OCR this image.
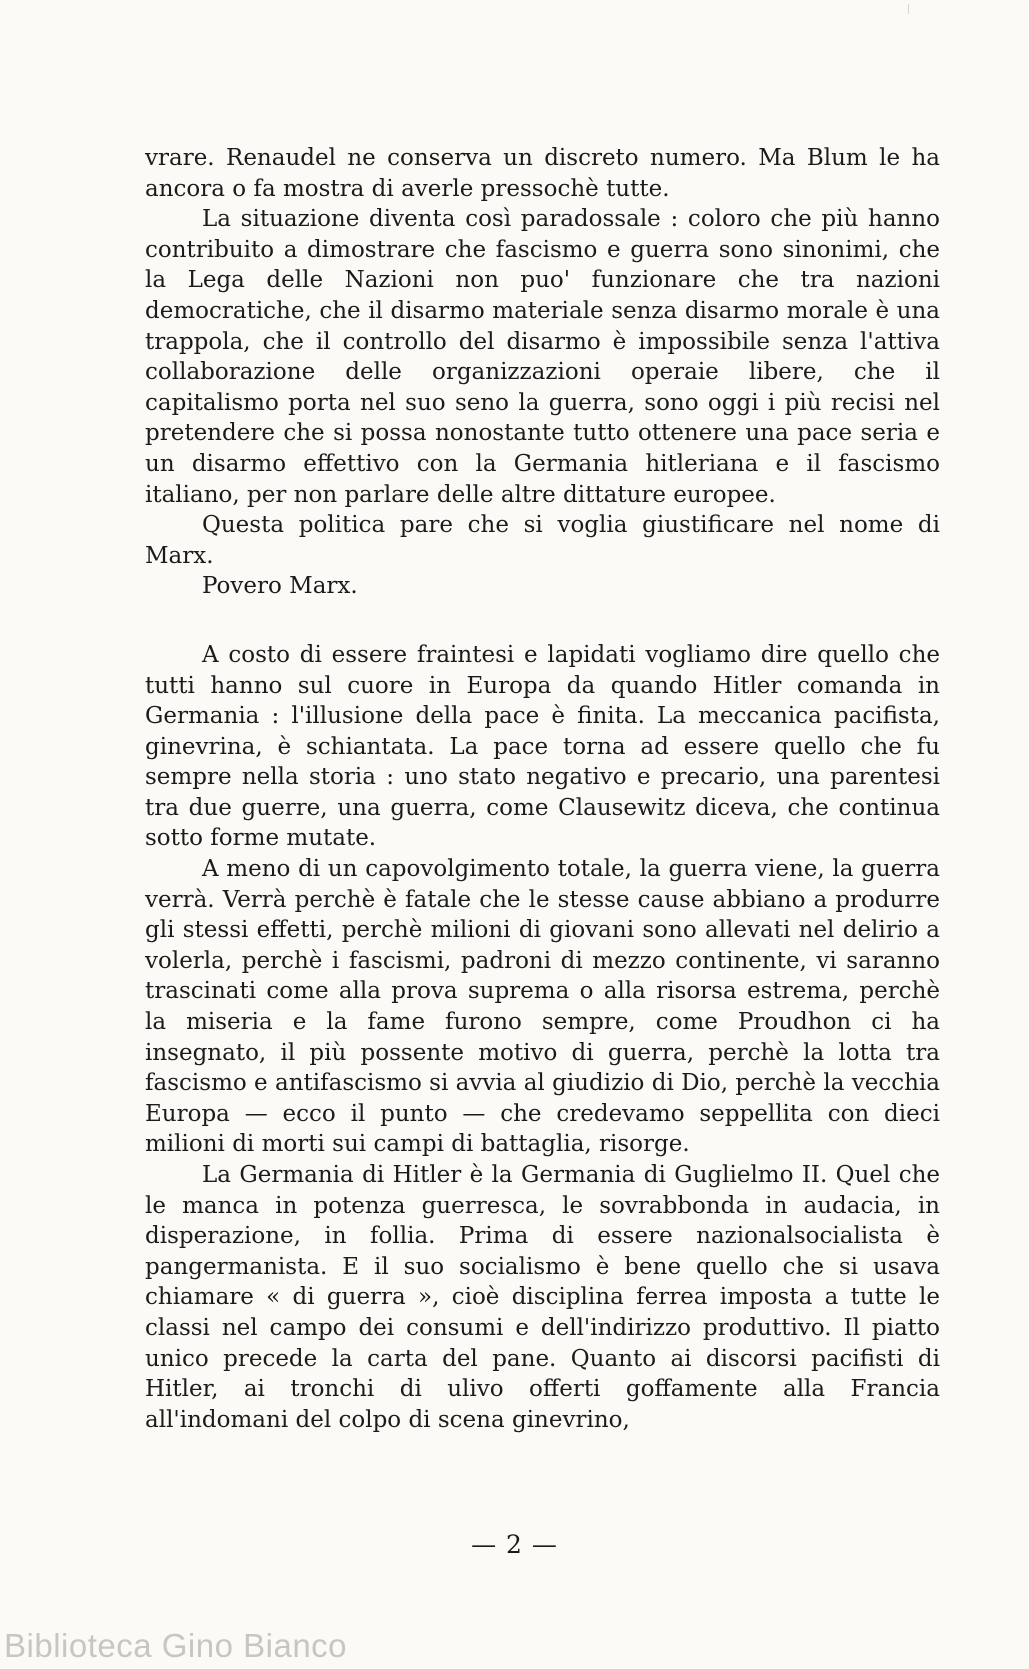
vrare. Renaudel ne conserva un discreto numero. Ma Blum le ha ancora o fa mostra di averle pressochè tutte.

La situazione diventa così paradossale : coloro che più hanno contribuito a dimostrare che fascismo e guerra sono sinonimi, che la Lega delle Nazioni non puo' funzionare che tra nazioni democratiche, che il disarmo materiale senza disarmo morale è una trappola, che il controllo del disarmo è impossibile senza l'attiva collaborazione delle organizzazioni operaie libere, che il capitalismo porta nel suo seno la guerra, sono oggi i più recisi nel pretendere che si possa nonostante tutto ottenere una pace seria e un disarmo effettivo con la Germania hitleriana e il fascismo italiano, per non parlare delle altre dittature europee.

Questa politica pare che si voglia giustificare nel nome di Marx.

Povero Marx.

A costo di essere fraintesi e lapidati vogliamo dire quello che tutti hanno sul cuore in Europa da quando Hitler comanda in Germania : l'illusione della pace è finita. La meccanica pacifista, ginevrina, è schiantata. La pace torna ad essere quello che fu sempre nella storia : uno stato negativo e precario, una parentesi tra due guerre, una guerra, come Clausewitz diceva, che continua sotto forme mutate.

A meno di un capovolgimento totale, la guerra viene, la guerra verrà. Verrà perchè è fatale che le stesse cause abbiano a produrre gli stessi effetti, perchè milioni di giovani sono allevati nel delirio a volerla, perchè i fascismi, padroni di mezzo continente, vi saranno trascinati come alla prova suprema o alla risorsa estrema, perchè la miseria e la fame furono sempre, come Proudhon ci ha insegnato, il più possente motivo di guerra, perchè la lotta tra fascismo e antifascismo si avvia al giudizio di Dio, perchè la vecchia Europa — ecco il punto — che credevamo seppellita con dieci milioni di morti sui campi di battaglia, risorge.

La Germania di Hitler è la Germania di Guglielmo II. Quel che le manca in potenza guerresca, le sovrabbonda in audacia, in disperazione, in follia. Prima di essere nazionalsocialista è pangermanista. E il suo socialismo è bene quello che si usava chiamare « di guerra », cioè disciplina ferrea imposta a tutte le classi nel campo dei consumi e dell'indirizzo produttivo. Il piatto unico precede la carta del pane. Quanto ai discorsi pacifisti di Hitler, ai tronchi di ulivo offerti goffamente alla Francia all'indomani del colpo di scena ginevrino,

— 2 —
Biblioteca Gino Bianco
